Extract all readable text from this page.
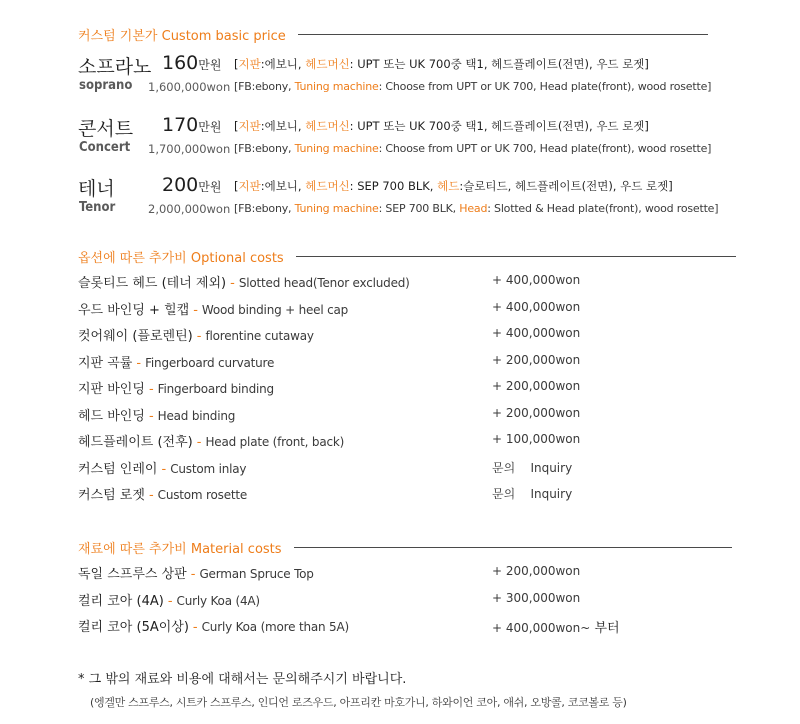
커스텀 기본가 Custom basic price
소프라노 160만원 [지판:에보니, 헤드머신: UPT 또는 UK 700중 택1, 헤드플레이트(전면), 우드 로젯]
soprano 1,600,000won [FB:ebony, Tuning machine: Choose from UPT or UK 700, Head plate(front), wood rosette]
콘서트 170만원 [지판:에보니, 헤드머신: UPT 또는 UK 700중 택1, 헤드플레이트(전면), 우드 로젯]
Concert 1,700,000won [FB:ebony, Tuning machine: Choose from UPT or UK 700, Head plate(front), wood rosette]
테너 200만원 [지판:에보니, 헤드머신: SEP 700 BLK, 헤드:슬로티드, 헤드플레이트(전면), 우드 로젯]
Tenor	2,000,000won [FB:ebony, Tuning machine: SEP 700 BLK, Head: Slotted & Head plate(front), wood rosette]
옵션에 따른 추가비 Optional costs
슬롯티드 헤드 (테너 제외) - Slotted head(Tenor excluded)	+ 400,000won
우드 바인딩 + 힐캡 - Wood binding + heel cap	+ 400,000won
컷어웨이 (플로렌틴) - florentine cutaway	+ 400,000won
지판 곡률 - Fingerboard curvature	+ 200,000won
지판 바인딩 - Fingerboard binding	+ 200,000won
헤드 바인딩 - Head binding	+ 200,000won
헤드플레이트 (전후) - Head plate (front, back)	+ 100,000won
커스텀 인레이 - Custom inlay	문의    Inquiry
커스텀 로젯 - Custom rosette	문의    Inquiry
재료에 따른 추가비 Material costs
독일 스프루스 상판 - German Spruce Top	+ 200,000won
컬리 코아 (4A) - Curly Koa (4A)	+ 300,000won
컬리 코아 (5A이상) - Curly Koa (more than 5A)	+ 400,000won~ 부터
* 그 밖의 재료와 비용에 대해서는 문의해주시기 바랍니다.
(엥겔만 스프루스, 시트카 스프루스, 인디언 로즈우드, 아프리칸 마호가니, 하와이언 코아, 애쉬, 오방콜, 코코볼로 등)
